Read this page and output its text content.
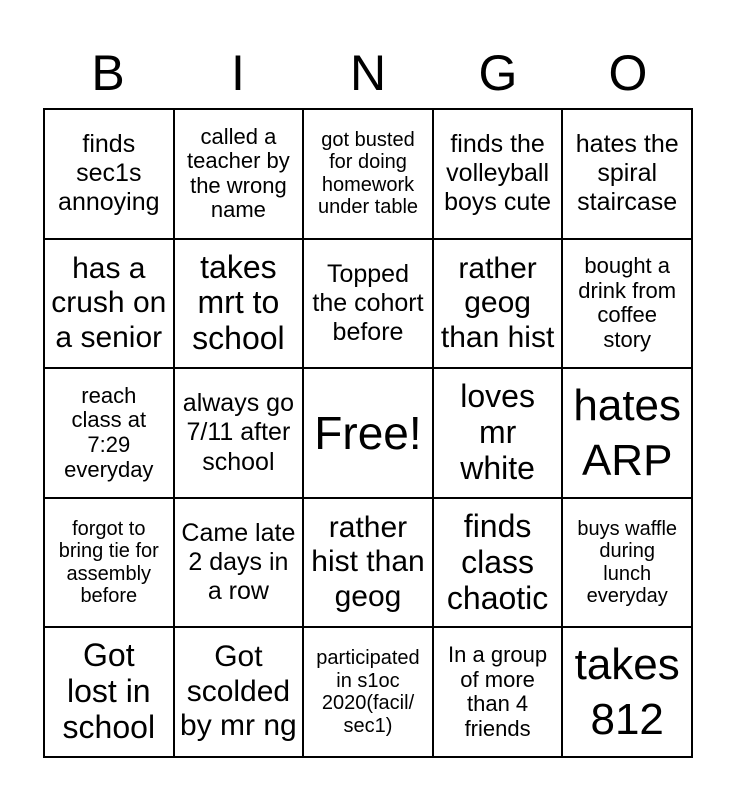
B	I	N	G	O
finds
sec1s
annoying
called a
teacher by
the wrong
name
got busted
for doing
homework
under table
finds the
volleyball
boys cute
hates the
spiral
staircase
has a
crush on
a senior
takes
mrt to
school
Topped
the cohort
before
rather
geog
than hist
bought a
drink from
coffee
story
reach
class at
7:29
everyday
always go
7/11 after
school
Free!
loves
mr
white
hates
ARP
forgot to
bring tie for
assembly
before
Came late
2 days in
a row
rather
hist than
geog
finds
class
chaotic
buys waffle
during
lunch
everyday
Got
lost in
school
Got
scolded
by mr ng
participated
in s1oc
2020(facil/
sec1)
In a group
of more
than 4
friends
takes
812
